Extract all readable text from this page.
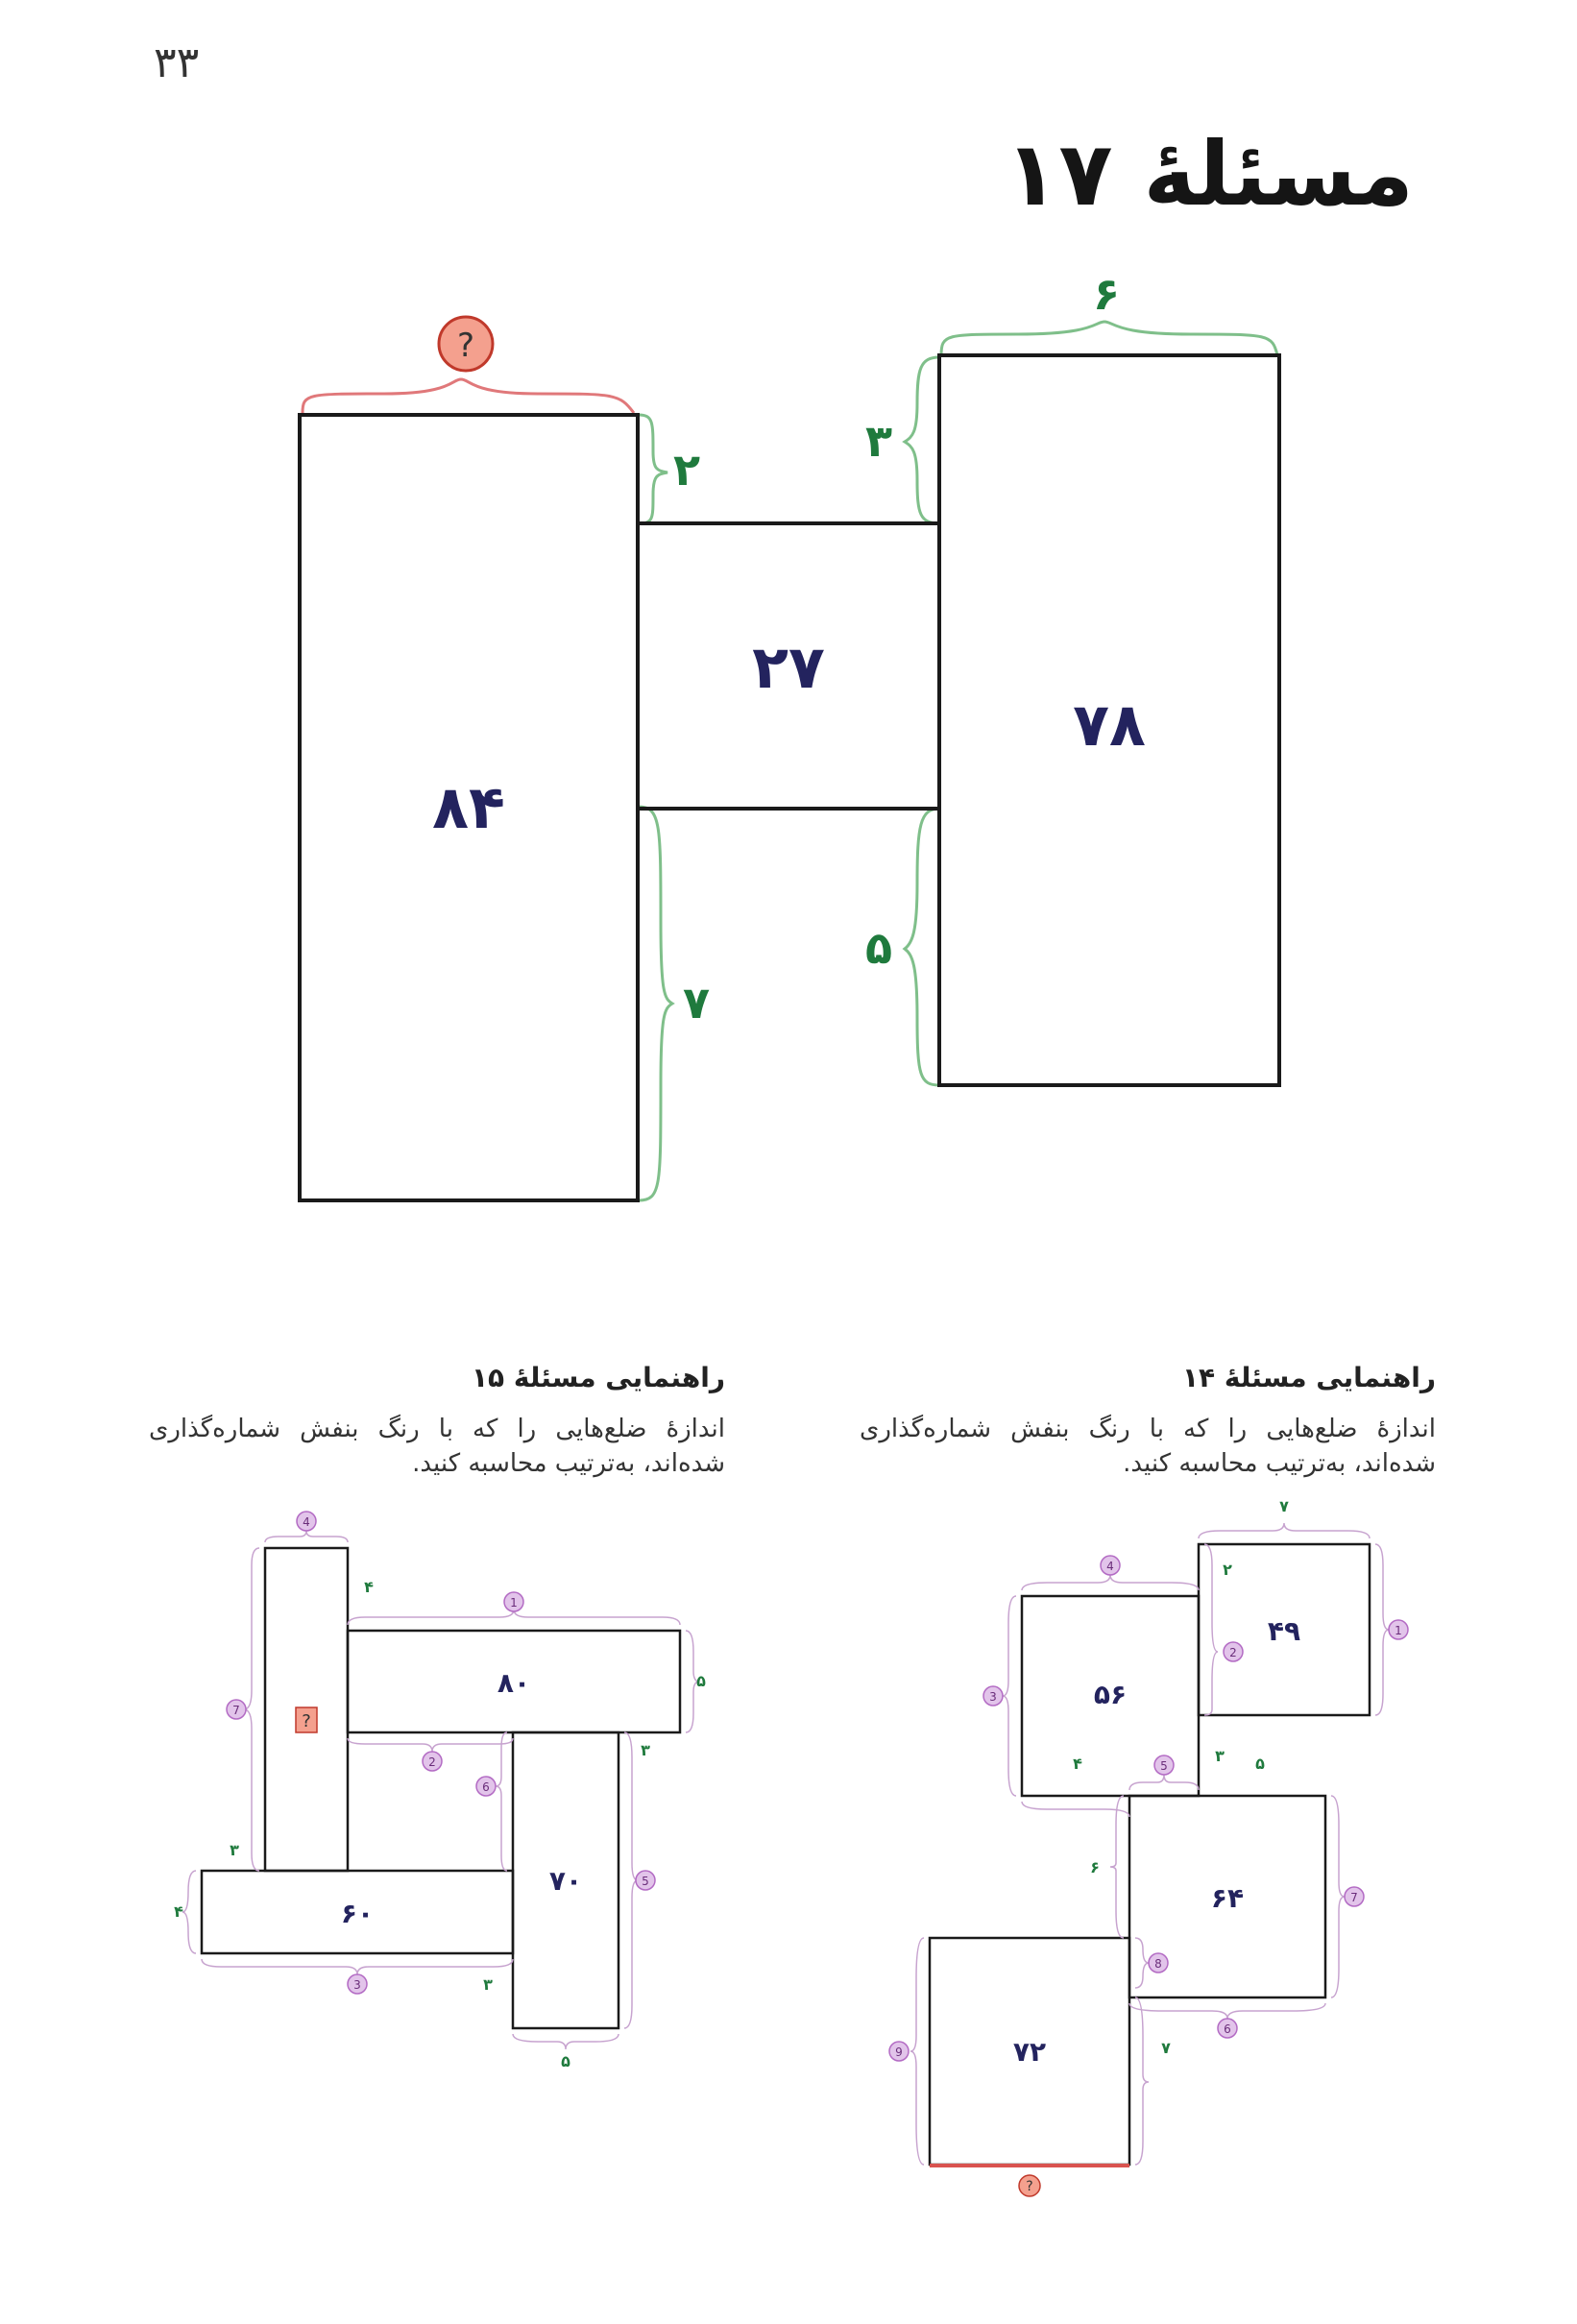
۳۳
مسئلهٔ ۱۷
?
۸۴
۲۷
۷۸
۶
۲
۷
۳
۵
راهنمایی مسئلهٔ ۱۵
اندازهٔ ضلع‌هایی را که با رنگ بنفش شماره‌گذاری شده‌اند، به‌ترتیب محاسبه کنید.
راهنمایی مسئلهٔ ۱۴
اندازهٔ ضلع‌هایی را که با رنگ بنفش شماره‌گذاری شده‌اند، به‌ترتیب محاسبه کنید.
۴
۵
۳
۳
۴
۳
۵
۸۰
۷۰
۶۰
?
1
2
3
4
5
6
7
۷
۲
۴	۳ ۵
۶
۷
۴۹
۵۶
۶۴
۷۲
1
2
3
4
5
6
7
8
9
?
